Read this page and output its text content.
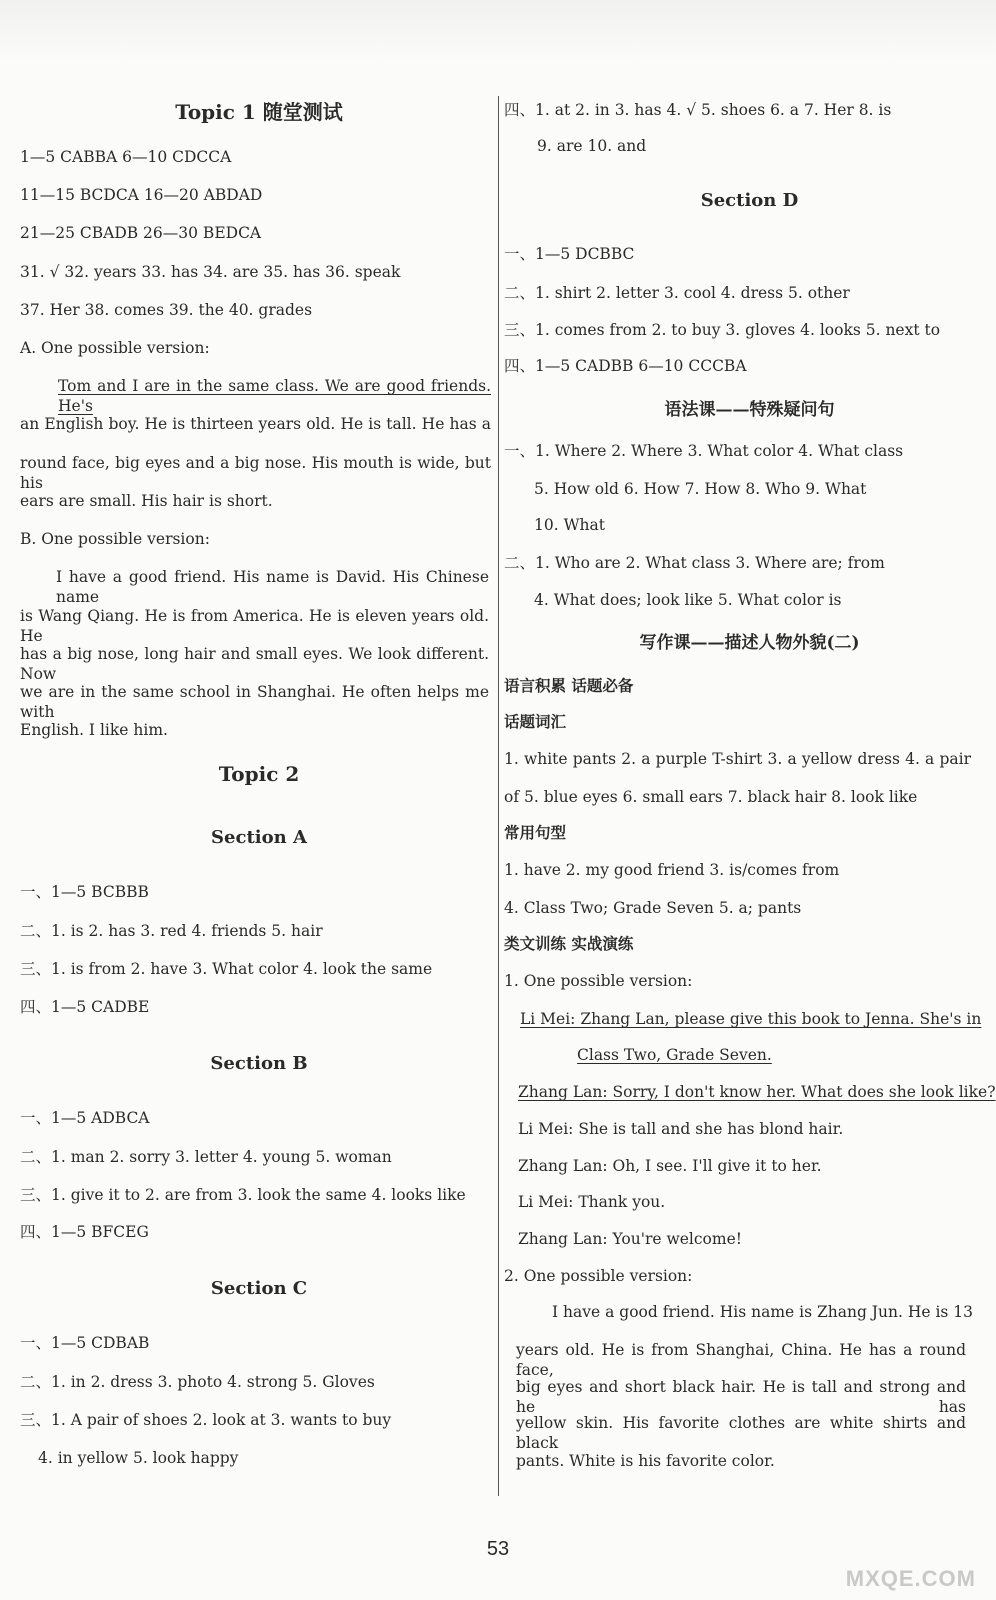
Topic 1 随堂测试
1—5 CABBA 6—10 CDCCA
11—15 BCDCA 16—20 ABDAD
21—25 CBADB 26—30 BEDCA
31. √ 32. years 33. has 34. are 35. has 36. speak
37. Her 38. comes 39. the 40. grades
A. One possible version:
Tom and I are in the same class. We are good friends. He's
an English boy. He is thirteen years old. He is tall. He has a
round face, big eyes and a big nose. His mouth is wide, but his
ears are small. His hair is short.
B. One possible version:
I have a good friend. His name is David. His Chinese name
is Wang Qiang. He is from America. He is eleven years old. He
has a big nose, long hair and small eyes. We look different. Now
we are in the same school in Shanghai. He often helps me with
English. I like him.
Topic 2
Section A
一、1—5 BCBBB
二、1. is 2. has 3. red 4. friends 5. hair
三、1. is from 2. have 3. What color 4. look the same
四、1—5 CADBE
Section B
一、1—5 ADBCA
二、1. man 2. sorry 3. letter 4. young 5. woman
三、1. give it to 2. are from 3. look the same 4. looks like
四、1—5 BFCEG
Section C
一、1—5 CDBAB
二、1. in 2. dress 3. photo 4. strong 5. Gloves
三、1. A pair of shoes 2. look at 3. wants to buy
4. in yellow 5. look happy
四、1. at 2. in 3. has 4. √ 5. shoes 6. a 7. Her 8. is
9. are 10. and
Section D
一、1—5 DCBBC
二、1. shirt 2. letter 3. cool 4. dress 5. other
三、1. comes from 2. to buy 3. gloves 4. looks 5. next to
四、1—5 CADBB 6—10 CCCBA
语法课——特殊疑问句
一、1. Where 2. Where 3. What color 4. What class
5. How old 6. How 7. How 8. Who 9. What
10. What
二、1. Who are 2. What class 3. Where are; from
4. What does; look like 5. What color is
写作课——描述人物外貌(二)
语言积累 话题必备
话题词汇
1. white pants 2. a purple T-shirt 3. a yellow dress 4. a pair
of 5. blue eyes 6. small ears 7. black hair 8. look like
常用句型
1. have 2. my good friend 3. is/comes from
4. Class Two; Grade Seven 5. a; pants
类文训练 实战演练
1. One possible version:
Li Mei: Zhang Lan, please give this book to Jenna. She's in
Class Two, Grade Seven.
Zhang Lan: Sorry, I don't know her. What does she look like?
Li Mei: She is tall and she has blond hair.
Zhang Lan: Oh, I see. I'll give it to her.
Li Mei: Thank you.
Zhang Lan: You're welcome!
2. One possible version:
I have a good friend. His name is Zhang Jun. He is 13
years old. He is from Shanghai, China. He has a round face,
big eyes and short black hair. He is tall and strong and he has
yellow skin. His favorite clothes are white shirts and black
pants. White is his favorite color.
53
MXQE.COM
